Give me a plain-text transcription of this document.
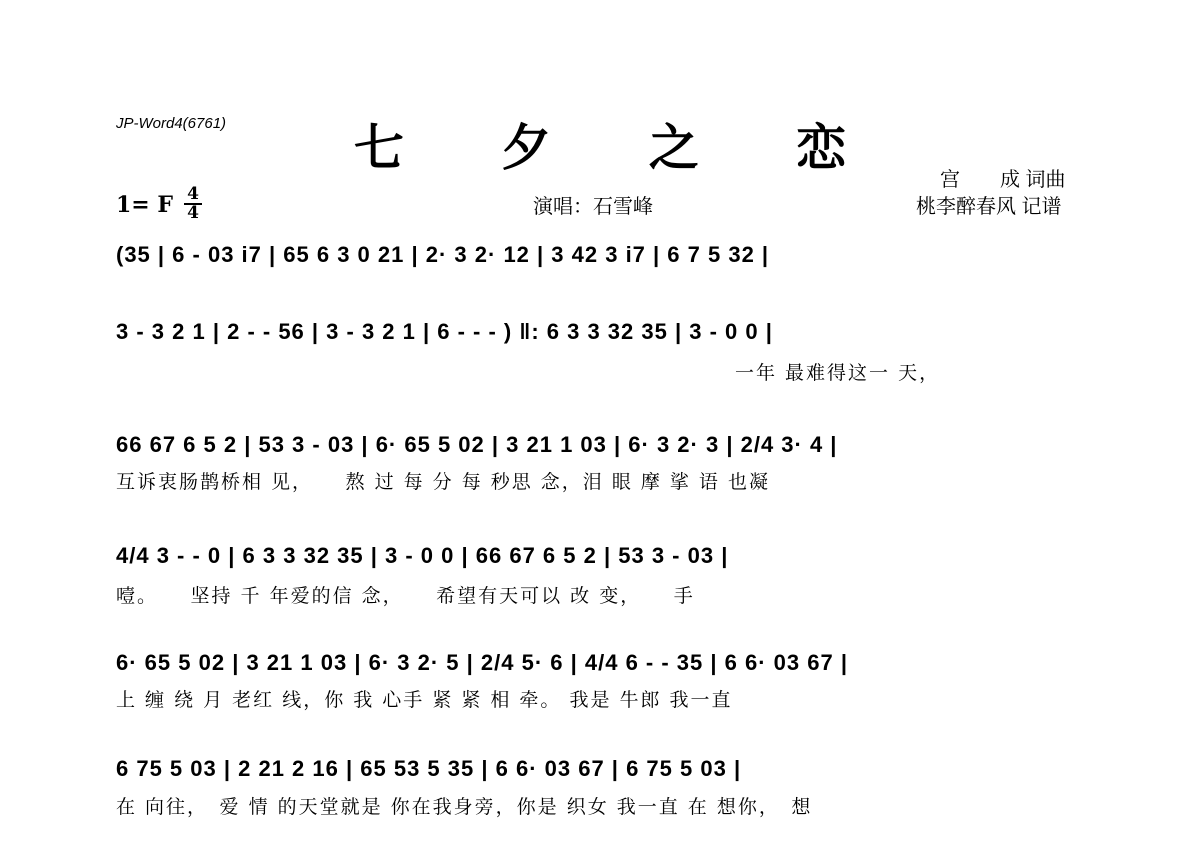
JP-Word4(6761)	七 夕 之 恋
演唱：石雪峰
宫　　成 词曲
桃李醉春风 记谱
1= F 4
4
(35 | 6 - 03 i7 | 65 6 3 0 21 | 2· 3 2· 12 | 3 42 3 i7 | 6 7 5 32 |
3 - 3 2 1 | 2 - - 56 | 3 - 3 2 1 | 6 - - - ) ‖: 6 3 3 32 35 | 3 - 0 0 |
一年 最难得这一 天，
66 67 6 5 2 | 53 3 - 03 | 6· 65 5 02 | 3 21 1 03 | 6· 3 2· 3 | 2/4 3· 4 |
互诉衷肠鹊桥相 见，　　熬 过 每 分 每 秒思 念，泪 眼 摩 挲 语 也凝
4/4 3 - - 0 | 6 3 3 32 35 | 3 - 0 0 | 66 67 6 5 2 | 53 3 - 03 |
噎。　　坚持 千 年爱的信 念，　　希望有天可以 改 变，　　手
6· 65 5 02 | 3 21 1 03 | 6· 3 2· 5 | 2/4 5· 6 | 4/4 6 - - 35 | 6 6· 03 67 |
上 缠 绕 月 老红 线，你 我 心手 紧 紧 相 牵。 我是 牛郎 我一直
6 75 5 03 | 2 21 2 16 | 65 53 5 35 | 6 6· 03 67 | 6 75 5 03 |
在 向往，　爱 情 的天堂就是 你在我身旁，你是 织女 我一直 在 想你，　想
